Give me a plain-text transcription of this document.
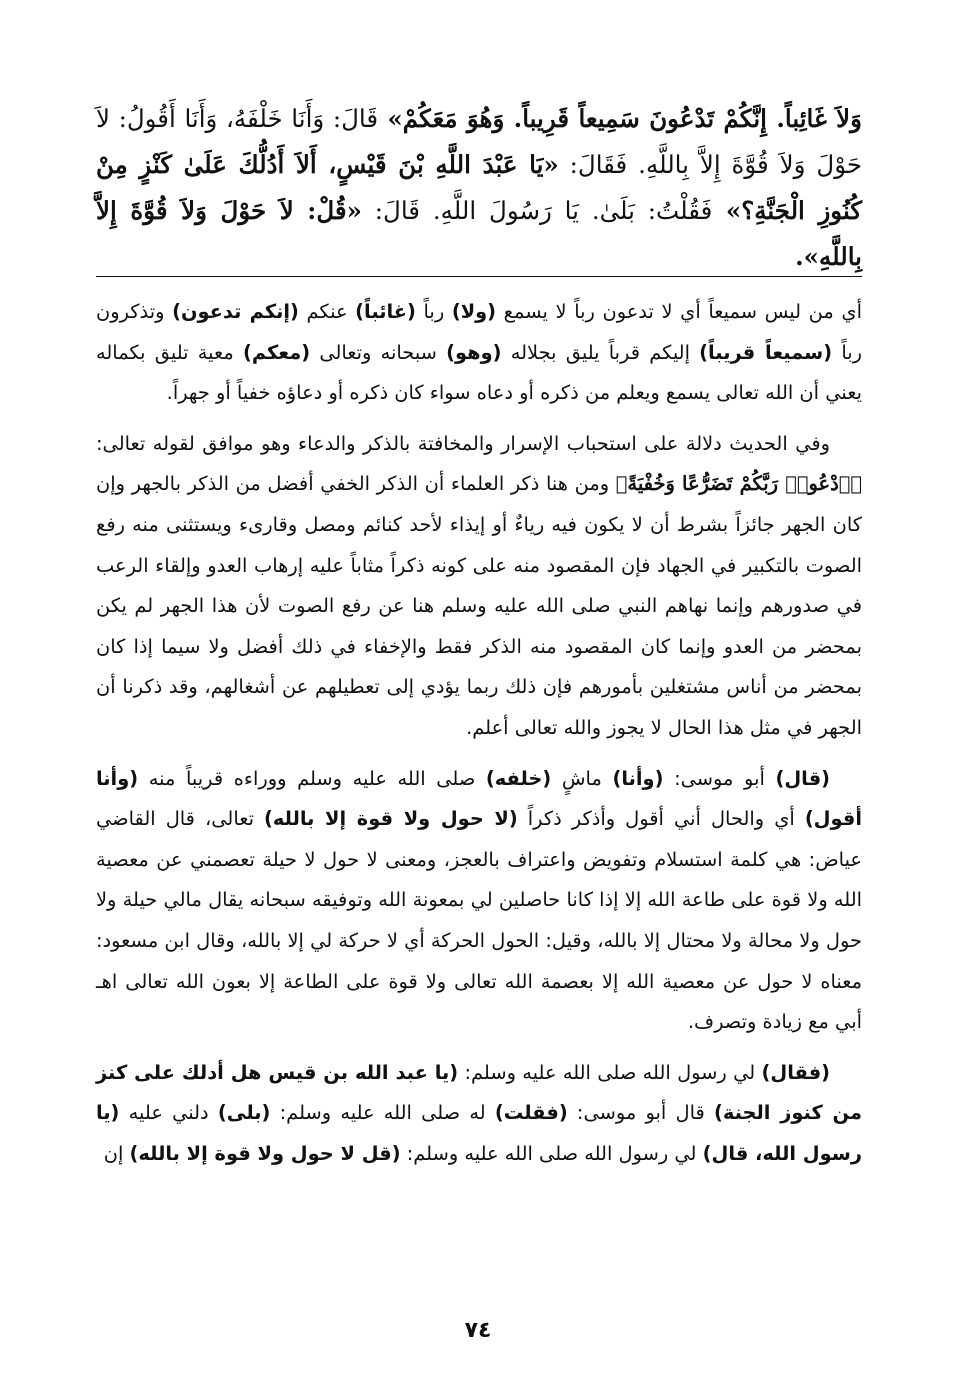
وَلاَ غَائِباً. إِنَّكُمْ تَدْعُونَ سَمِيعاً قَرِيباً. وَهُوَ مَعَكُمْ» قَالَ: وَأَنَا خَلْفَهُ، وَأَنَا أَقُولُ: لاَ حَوْلَ وَلاَ قُوَّةَ إِلاَّ بِاللَّهِ. فَقَالَ: «يَا عَبْدَ اللَّهِ بْنَ قَيْسٍ، أَلاَ أَدُلُّكَ عَلَىٰ كَنْزٍ مِنْ كُنُوزِ الْجَنَّةِ؟» فَقُلْتُ: بَلَىٰ. يَا رَسُولَ اللَّهِ. قَالَ: «قُلْ: لاَ حَوْلَ وَلاَ قُوَّةَ إِلاَّ بِاللَّهِ».

أي من ليس سميعاً أي لا تدعون رباً لا يسمع (ولا) رباً (غائباً) عنكم (إنكم تدعون) وتذكرون رباً (سميعاً قريباً) إليكم قرباً يليق بجلاله (وهو) سبحانه وتعالى (معكم) معية تليق بكماله يعني أن الله تعالى يسمع ويعلم من ذكره أو دعاه سواء كان ذكره أو دعاؤه خفياً أو جهراً.

وفي الحديث دلالة على استحباب الإسرار والمخافتة بالذكر والدعاء وهو موافق لقوله تعالى: ﴿ٱدْعُوا۟ رَبَّكُمْ تَضَرُّعًا وَخُفْيَةً﴾ ومن هنا ذكر العلماء أن الذكر الخفي أفضل من الذكر بالجهر وإن كان الجهر جائزاً بشرط أن لا يكون فيه رياءٌ أو إيذاء لأحد كنائم ومصل وقارىء ويستثنى منه رفع الصوت بالتكبير في الجهاد فإن المقصود منه على كونه ذكراً مثاباً عليه إرهاب العدو وإلقاء الرعب في صدورهم وإنما نهاهم النبي صلى الله عليه وسلم هنا عن رفع الصوت لأن هذا الجهر لم يكن بمحضر من العدو وإنما كان المقصود منه الذكر فقط والإخفاء في ذلك أفضل ولا سيما إذا كان بمحضر من أناس مشتغلين بأمورهم فإن ذلك ربما يؤدي إلى تعطيلهم عن أشغالهم، وقد ذكرنا أن الجهر في مثل هذا الحال لا يجوز والله تعالى أعلم.

(قال) أبو موسى: (وأنا) ماشٍ (خلفه) صلى الله عليه وسلم ووراءه قريباً منه (وأنا أقول) أي والحال أني أقول وأذكر ذكراً (لا حول ولا قوة إلا بالله) تعالى، قال القاضي عياض: هي كلمة استسلام وتفويض واعتراف بالعجز، ومعنى لا حول لا حيلة تعصمني عن معصية الله ولا قوة على طاعة الله إلا إذا كانا حاصلين لي بمعونة الله وتوفيقه سبحانه يقال مالي حيلة ولا حول ولا محالة ولا محتال إلا بالله، وقيل: الحول الحركة أي لا حركة لي إلا بالله، وقال ابن مسعود: معناه لا حول عن معصية الله إلا بعصمة الله تعالى ولا قوة على الطاعة إلا بعون الله تعالى اهـ أبي مع زيادة وتصرف.

(فقال) لي رسول الله صلى الله عليه وسلم: (يا عبد الله بن قيس هل أدلك على كنز من كنوز الجنة) قال أبو موسى: (فقلت) له صلى الله عليه وسلم: (بلى) دلني عليه (يا رسول الله، قال) لي رسول الله صلى الله عليه وسلم: (قل لا حول ولا قوة إلا بالله) إن

٧٤
